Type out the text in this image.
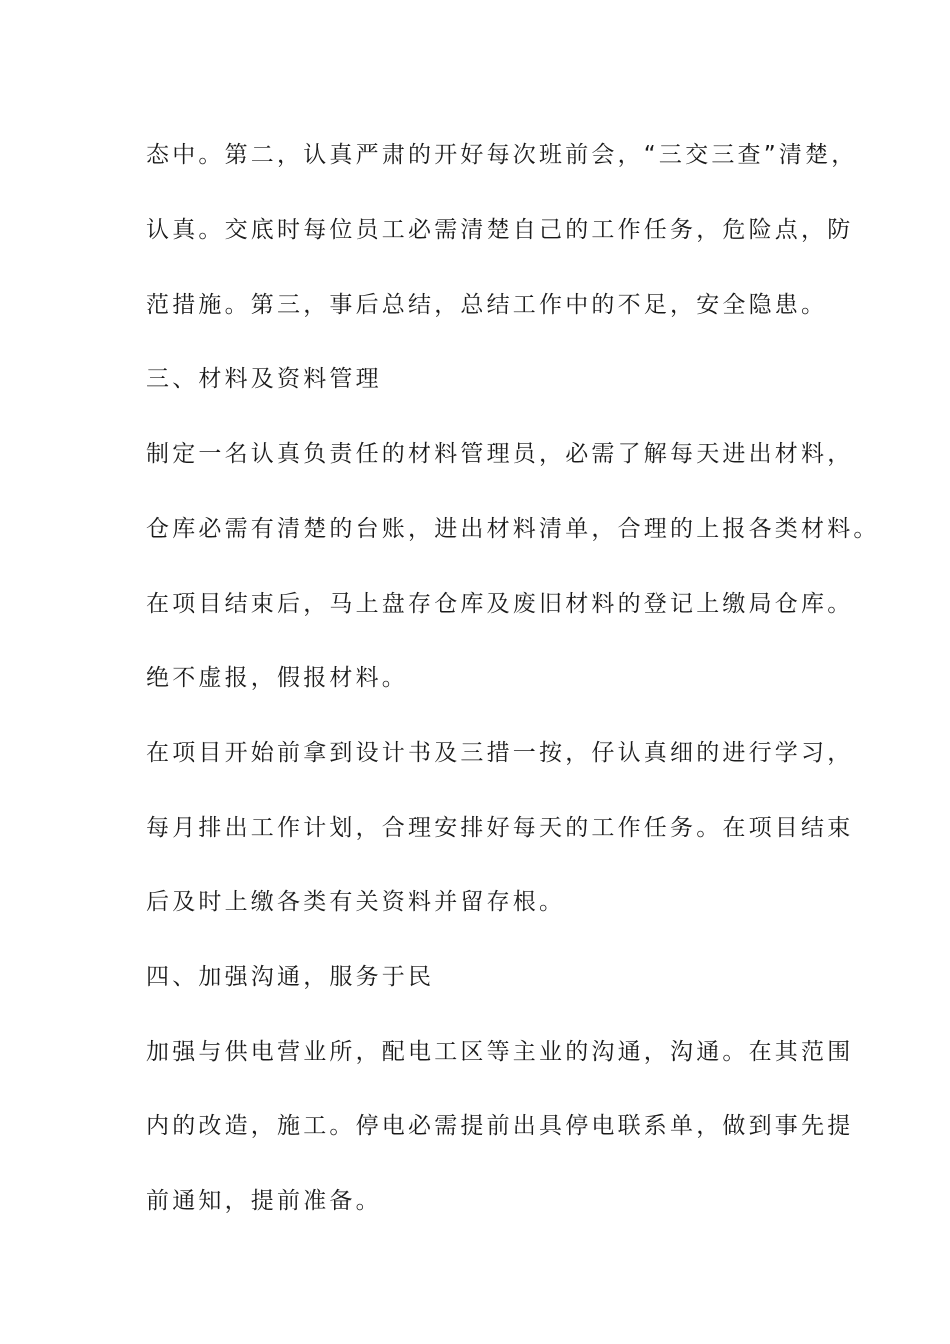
态中。第二，认真严肃的开好每次班前会，“三交三查”清楚，
认真。交底时每位员工必需清楚自己的工作任务，危险点，防
范措施。第三，事后总结，总结工作中的不足，安全隐患。
三、材料及资料管理
制定一名认真负责任的材料管理员，必需了解每天进出材料，
仓库必需有清楚的台账，进出材料清单，合理的上报各类材料。
在项目结束后，马上盘存仓库及废旧材料的登记上缴局仓库。
绝不虚报，假报材料。
在项目开始前拿到设计书及三措一按，仔认真细的进行学习，
每月排出工作计划，合理安排好每天的工作任务。在项目结束
后及时上缴各类有关资料并留存根。
四、加强沟通，服务于民
加强与供电营业所，配电工区等主业的沟通，沟通。在其范围
内的改造，施工。停电必需提前出具停电联系单，做到事先提
前通知，提前准备。
